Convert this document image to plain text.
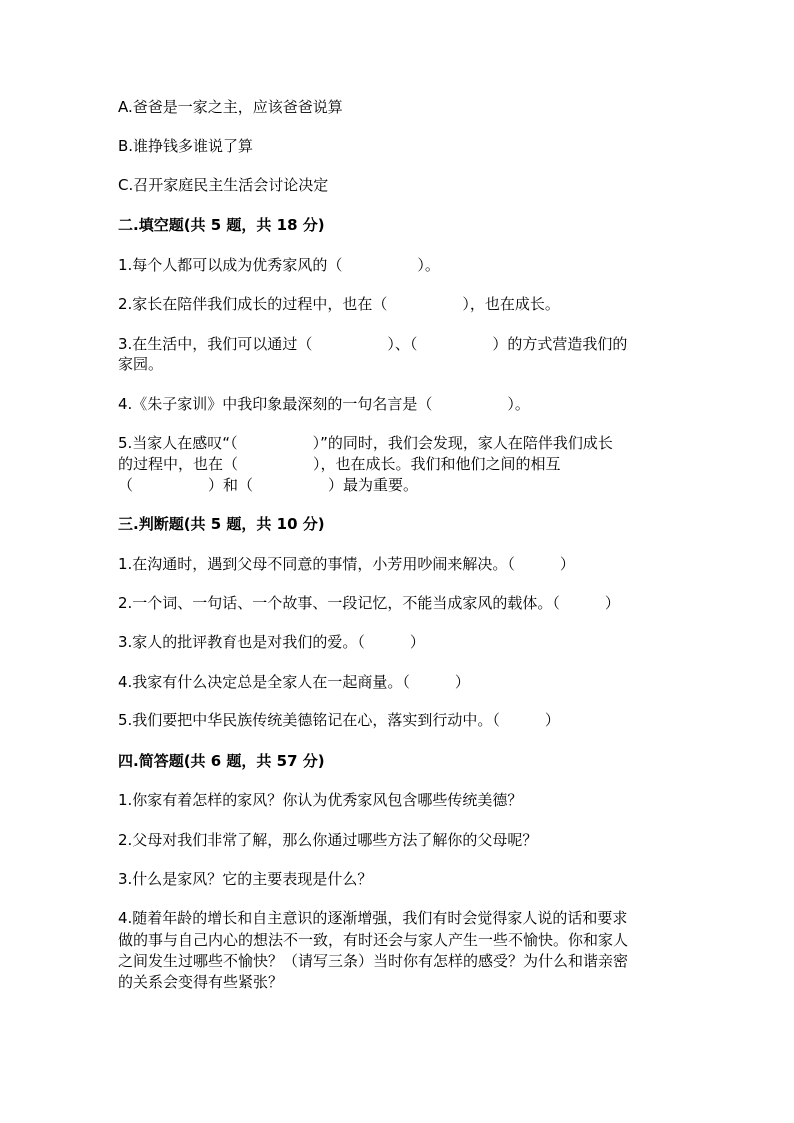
A.爸爸是一家之主，应该爸爸说算
B.谁挣钱多谁说了算
C.召开家庭民主生活会讨论决定
二.填空题(共 5 题，共 18 分)
1.每个人都可以成为优秀家风的（　　　　　）。
2.家长在陪伴我们成长的过程中，也在（　　　　　），也在成长。
3.在生活中，我们可以通过（　　　　　）、（　　　　　）的方式营造我们的
家园。
4.《朱子家训》中我印象最深刻的一句名言是（　　　　　）。
5.当家人在感叹“（　　　　　）”的同时，我们会发现，家人在陪伴我们成长
的过程中，也在（　　　　　），也在成长。我们和他们之间的相互
（　　　　　）和（　　　　　）最为重要。
三.判断题(共 5 题，共 10 分)
1.在沟通时，遇到父母不同意的事情，小芳用吵闹来解决。（　　　）
2.一个词、一句话、一个故事、一段记忆，不能当成家风的载体。（　　　）
3.家人的批评教育也是对我们的爱。（　　　）
4.我家有什么决定总是全家人在一起商量。（　　　）
5.我们要把中华民族传统美德铭记在心，落实到行动中。（　　　）
四.简答题(共 6 题，共 57 分)
1.你家有着怎样的家风？你认为优秀家风包含哪些传统美德？
2.父母对我们非常了解，那么你通过哪些方法了解你的父母呢？
3.什么是家风？它的主要表现是什么？
4.随着年龄的增长和自主意识的逐渐增强，我们有时会觉得家人说的话和要求
做的事与自己内心的想法不一致，有时还会与家人产生一些不愉快。你和家人
之间发生过哪些不愉快？（请写三条）当时你有怎样的感受？为什么和谐亲密
的关系会变得有些紧张？
